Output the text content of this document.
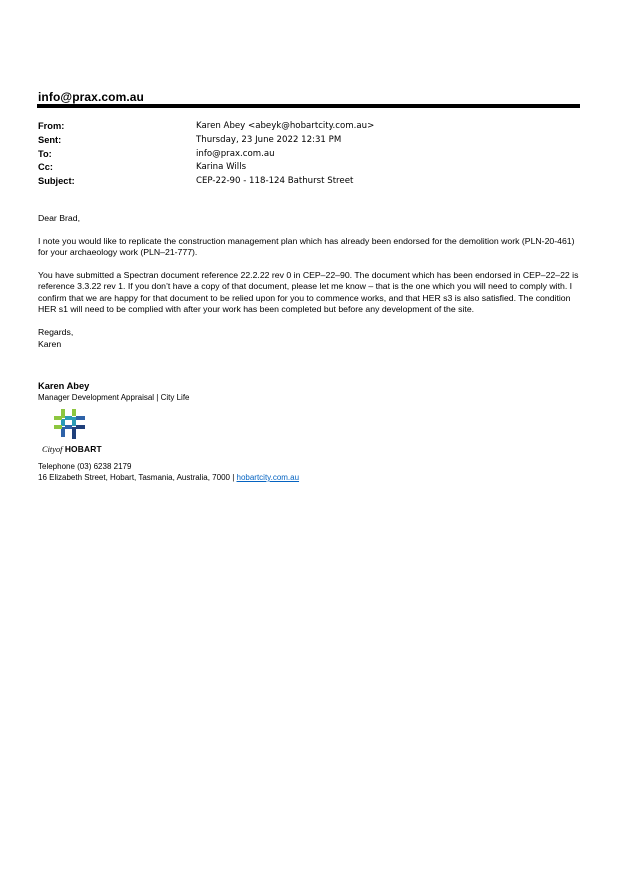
info@prax.com.au
From:	Karen Abey <abeyk@hobartcity.com.au>
Sent:	Thursday, 23 June 2022 12:31 PM
To:	info@prax.com.au
Cc:	Karina Wills
Subject:	CEP-22-90 - 118-124 Bathurst Street

Dear Brad,

I note you would like to replicate the construction management plan which has already been endorsed for the demolition work (PLN-20-461) for your archaeology work (PLN–21-777).

You have submitted a Spectran document reference 22.2.22 rev 0 in CEP–22–90. The document which has been endorsed in CEP–22–22 is reference 3.3.22 rev 1. If you don’t have a copy of that document, please let me know – that is the one which you will need to comply with. I confirm that we are happy for that document to be relied upon for you to commence works, and that HER s3 is also satisfied. The condition HER s1 will need to be complied with after your work has been completed but before any development of the site.

Regards,
Karen
Karen Abey
Manager Development Appraisal | City Life
Cityof HOBART
Telephone (03) 6238 2179
16 Elizabeth Street, Hobart, Tasmania, Australia, 7000 | hobartcity.com.au
